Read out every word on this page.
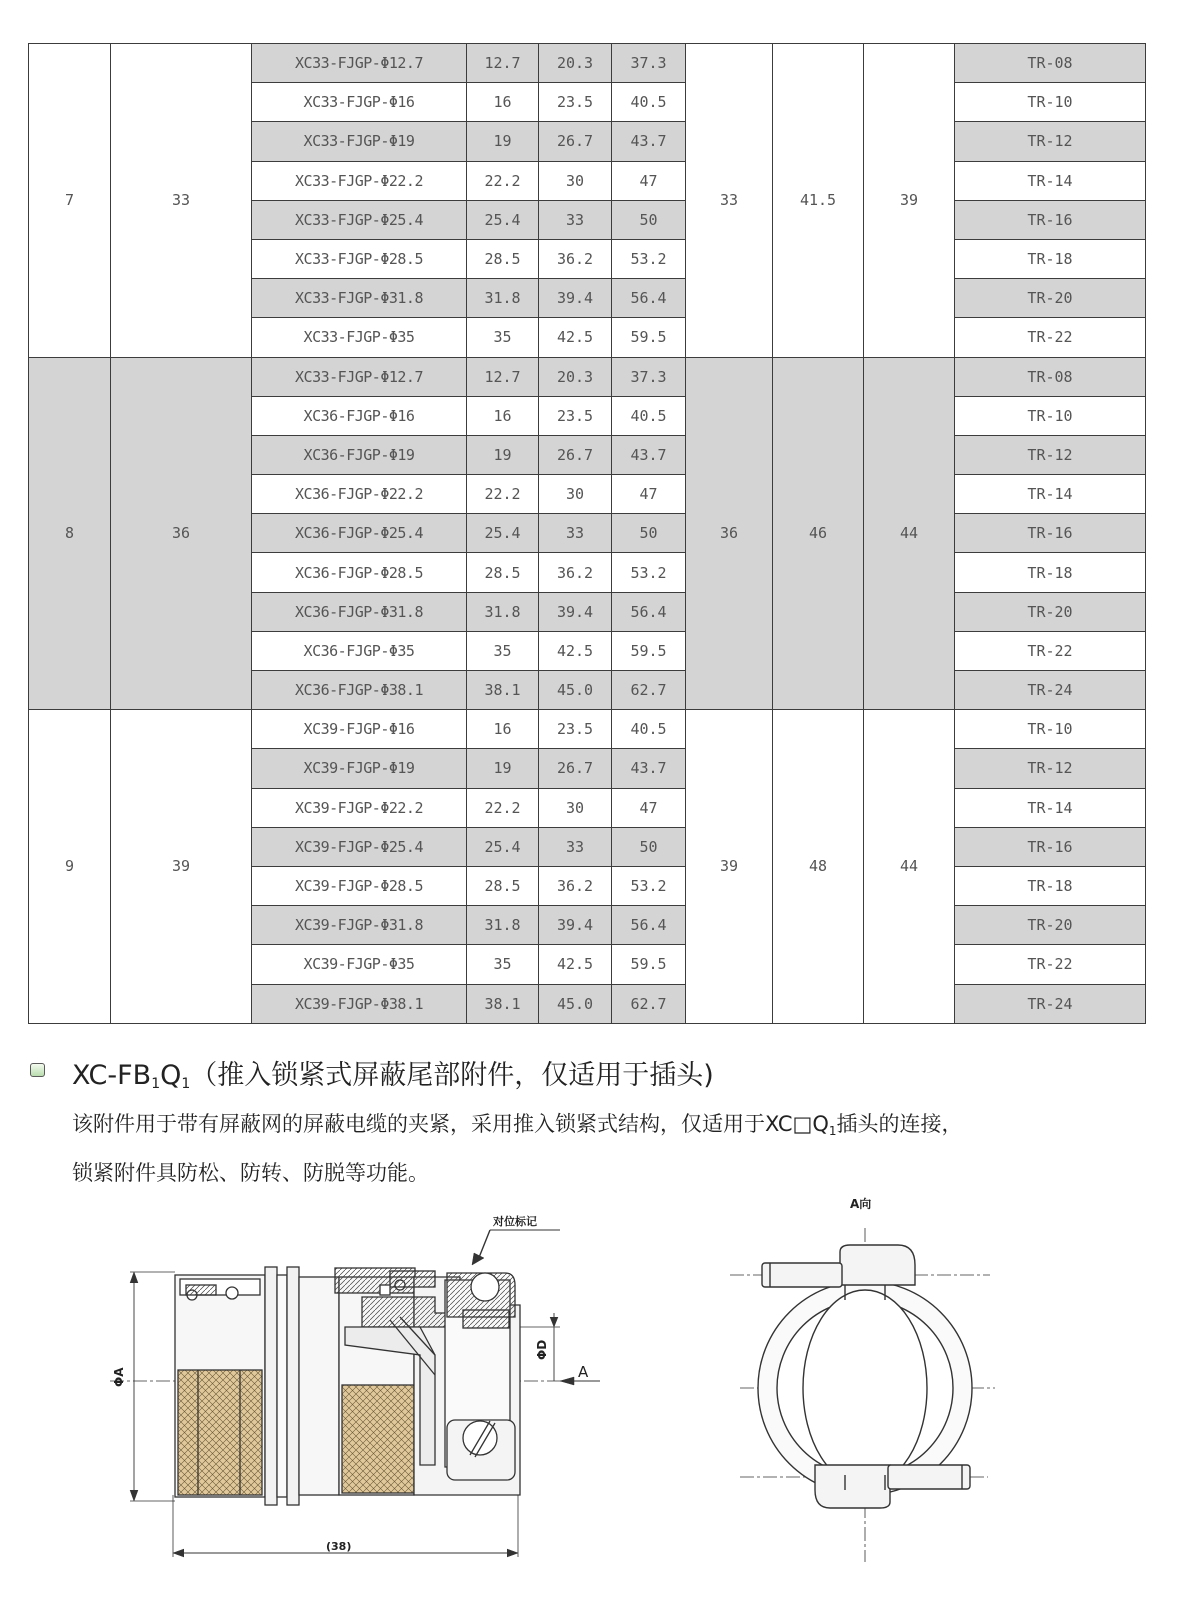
7	33	XC33-FJGP-Φ12.7	12.7	20.3	37.3	33	41.5	39	TR-08
		XC33-FJGP-Φ16	16	23.5	40.5				TR-10
		XC33-FJGP-Φ19	19	26.7	43.7				TR-12
		XC33-FJGP-Φ22.2	22.2	30	47				TR-14
		XC33-FJGP-Φ25.4	25.4	33	50				TR-16
		XC33-FJGP-Φ28.5	28.5	36.2	53.2				TR-18
		XC33-FJGP-Φ31.8	31.8	39.4	56.4				TR-20
		XC33-FJGP-Φ35	35	42.5	59.5				TR-22
8	36	XC33-FJGP-Φ12.7	12.7	20.3	37.3	36	46	44	TR-08
		XC36-FJGP-Φ16	16	23.5	40.5				TR-10
		XC36-FJGP-Φ19	19	26.7	43.7				TR-12
		XC36-FJGP-Φ22.2	22.2	30	47				TR-14
		XC36-FJGP-Φ25.4	25.4	33	50				TR-16
		XC36-FJGP-Φ28.5	28.5	36.2	53.2				TR-18
		XC36-FJGP-Φ31.8	31.8	39.4	56.4				TR-20
		XC36-FJGP-Φ35	35	42.5	59.5				TR-22
		XC36-FJGP-Φ38.1	38.1	45.0	62.7				TR-24
9	39	XC39-FJGP-Φ16	16	23.5	40.5	39	48	44	TR-10
		XC39-FJGP-Φ19	19	26.7	43.7				TR-12
		XC39-FJGP-Φ22.2	22.2	30	47				TR-14
		XC39-FJGP-Φ25.4	25.4	33	50				TR-16
		XC39-FJGP-Φ28.5	28.5	36.2	53.2				TR-18
		XC39-FJGP-Φ31.8	31.8	39.4	56.4				TR-20
		XC39-FJGP-Φ35	35	42.5	59.5				TR-22
		XC39-FJGP-Φ38.1	38.1	45.0	62.7				TR-24
$XC-FB_1Q_1$（推入锁紧式屏蔽尾部附件，仅适用于插头)
该附件用于带有屏蔽网的屏蔽电缆的夹紧，采用推入锁紧式结构，仅适用于$XC□Q_1$插头的连接，
锁紧附件具防松、防转、防脱等功能。
对位标记
ΦA
ΦD
A
(38)
A向
